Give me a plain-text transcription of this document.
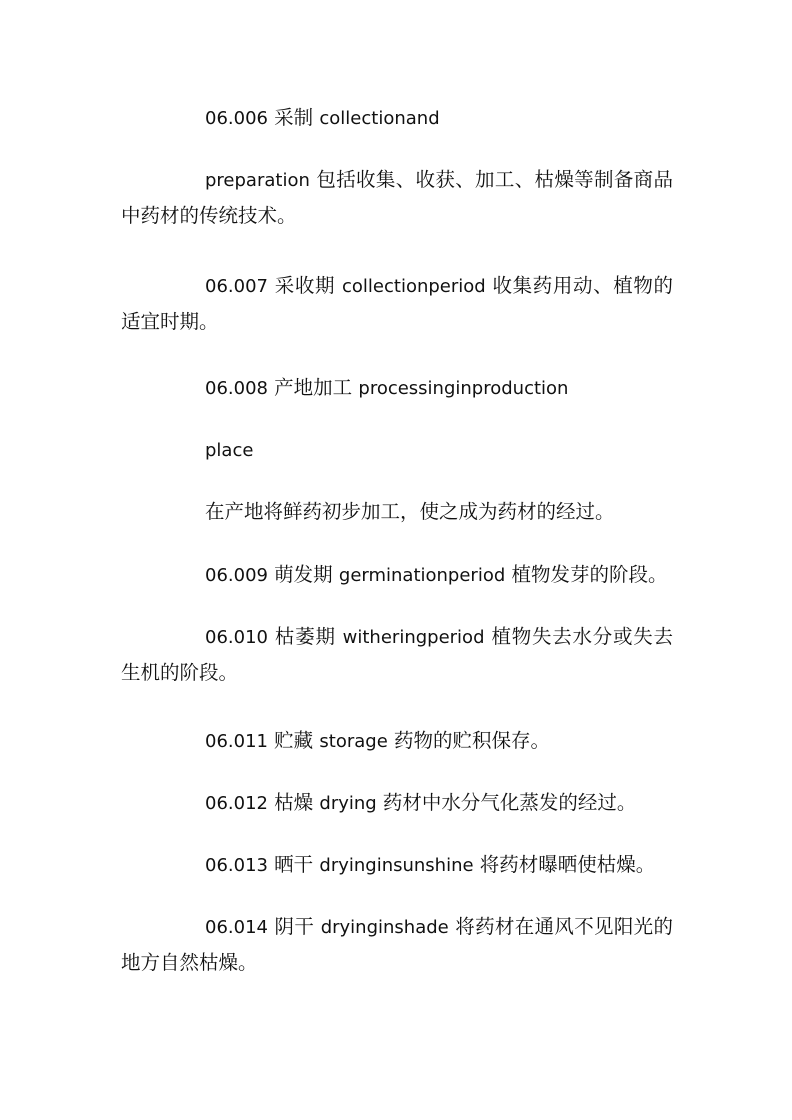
06.006 采制 collectionand

preparation 包括收集、收获、加工、枯燥等制备商品中药材的传统技术。

06.007 采收期 collectionperiod 收集药用动、植物的适宜时期。

06.008 产地加工 processinginproduction

place

在产地将鲜药初步加工，使之成为药材的经过。

06.009 萌发期 germinationperiod 植物发芽的阶段。

06.010 枯萎期 witheringperiod 植物失去水分或失去生机的阶段。

06.011 贮藏 storage 药物的贮积保存。

06.012 枯燥 drying 药材中水分气化蒸发的经过。

06.013 晒干 dryinginsunshine 将药材曝晒使枯燥。

06.014 阴干 dryinginshade 将药材在通风不见阳光的地方自然枯燥。
